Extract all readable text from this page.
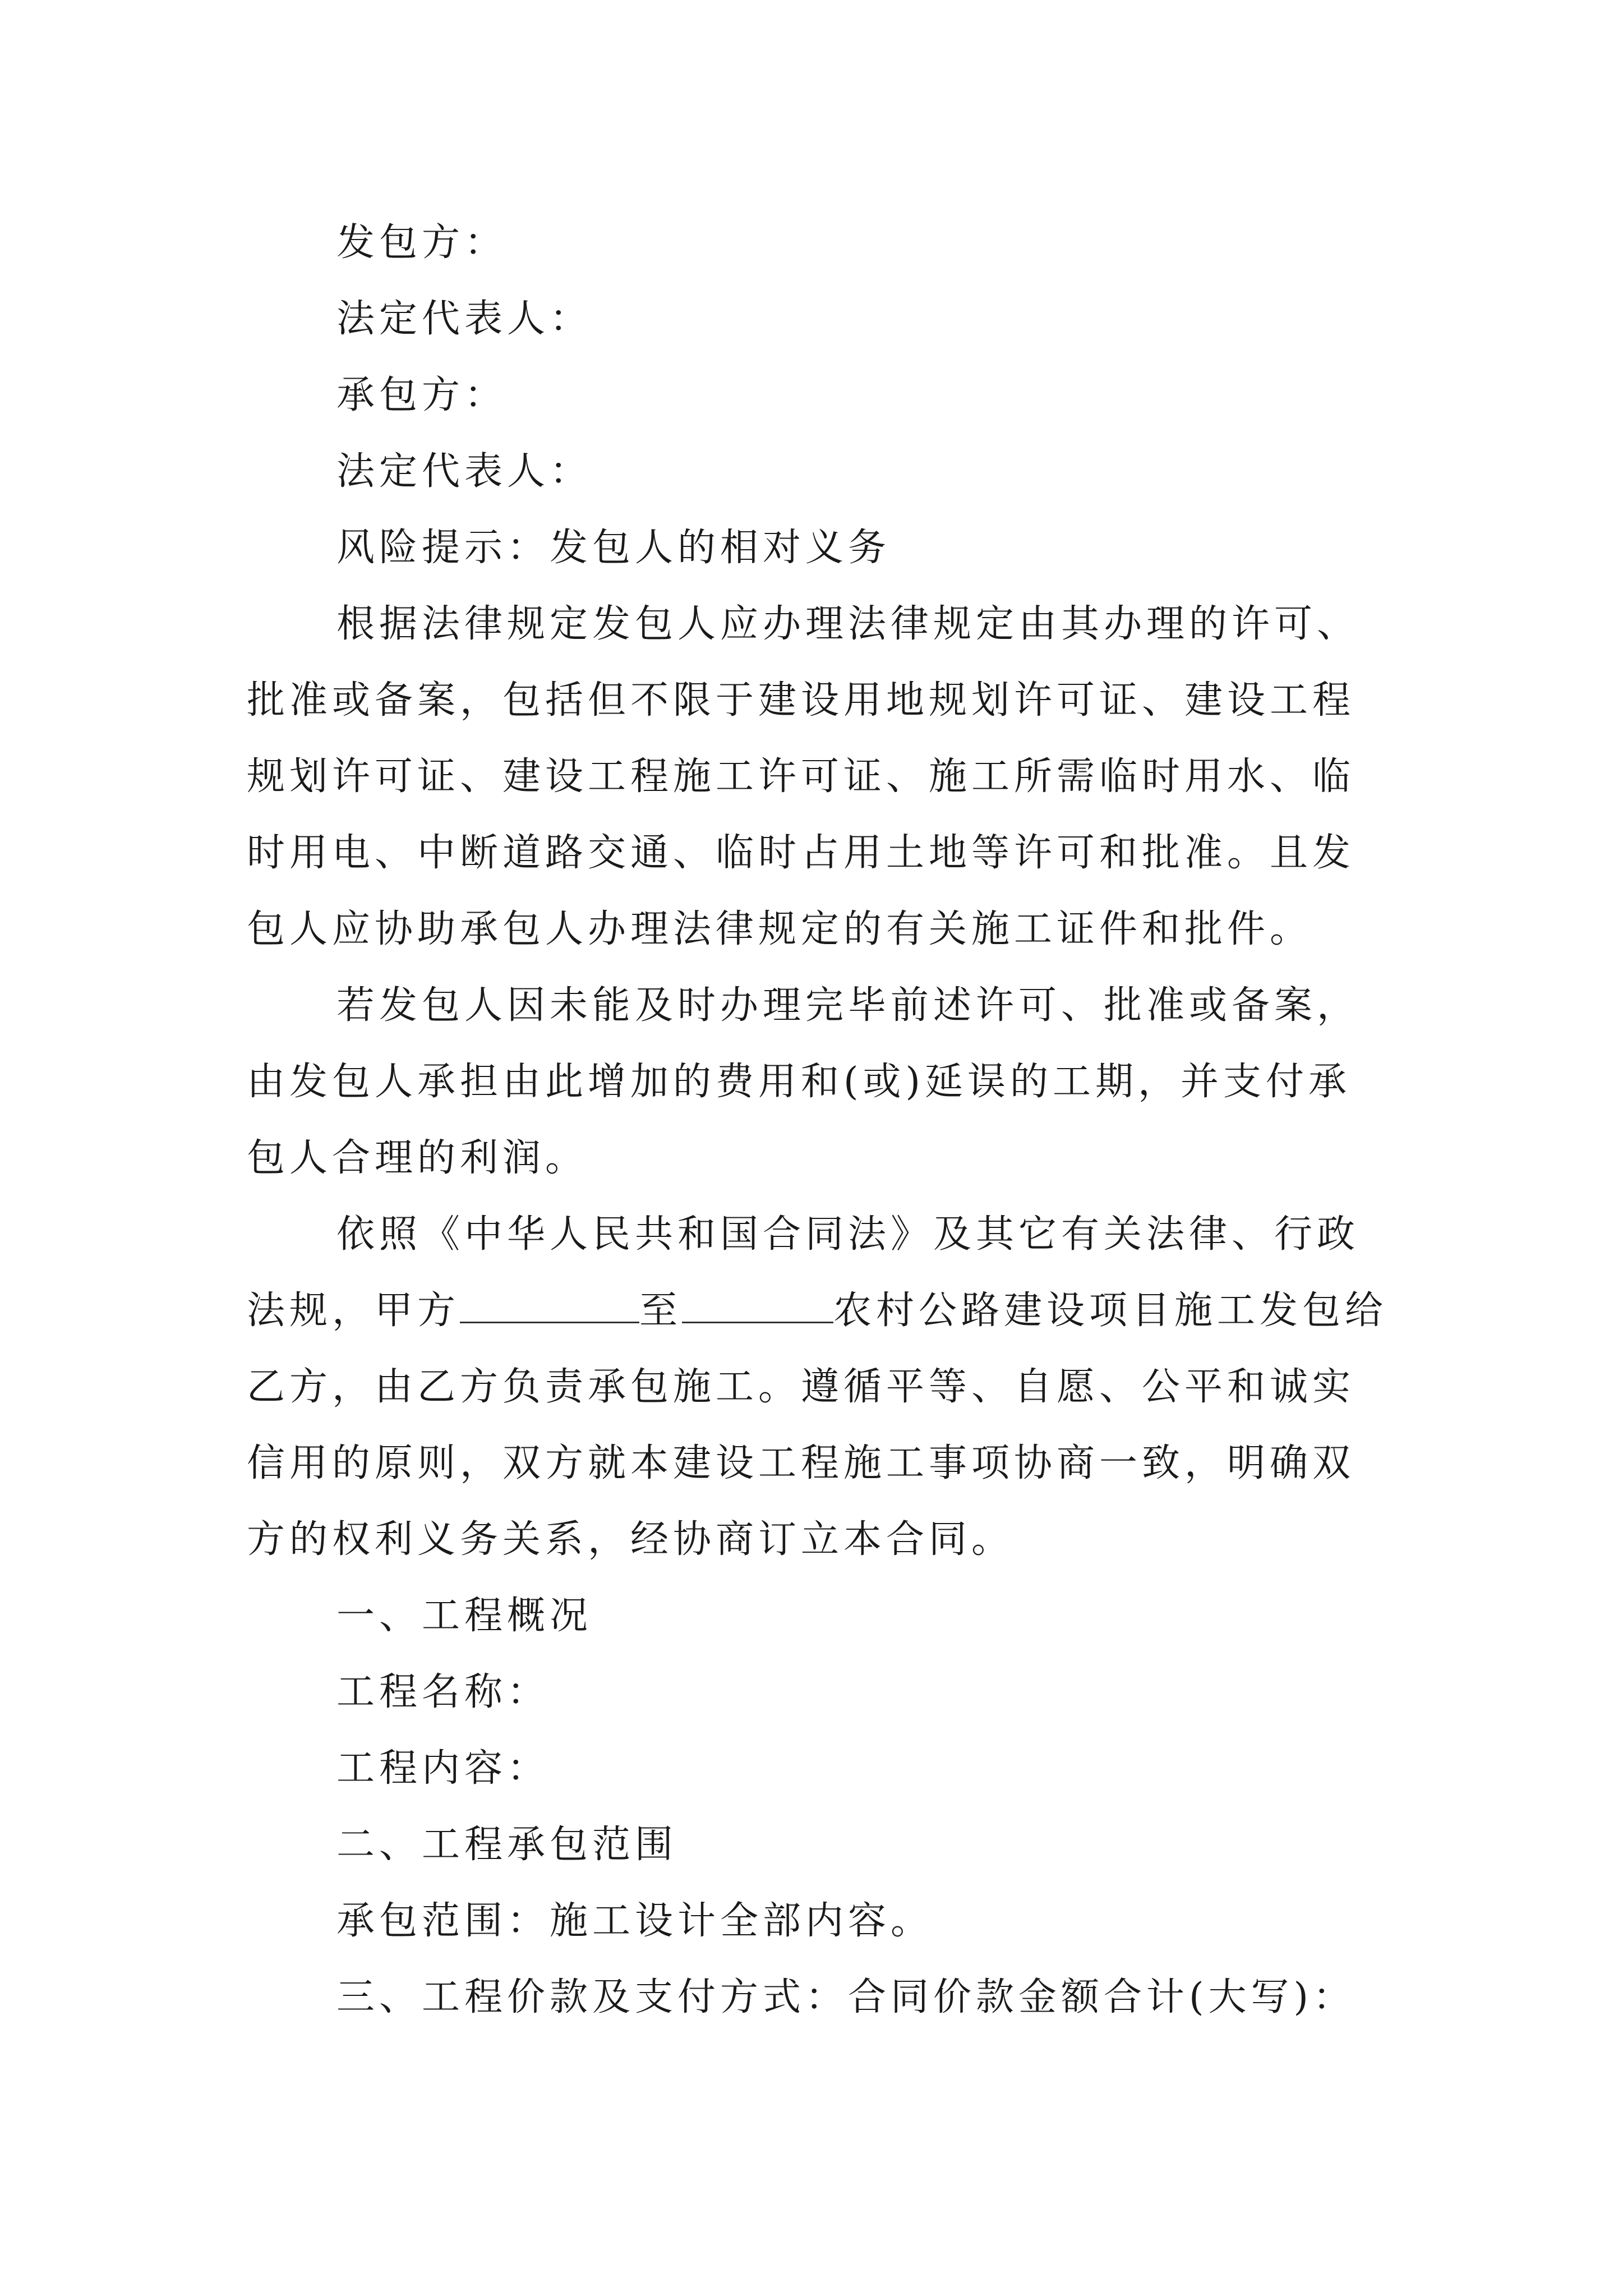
发包方：

法定代表人：

承包方：

法定代表人：

风险提示：发包人的相对义务

根据法律规定发包人应办理法律规定由其办理的许可、

批准或备案，包括但不限于建设用地规划许可证、建设工程

规划许可证、建设工程施工许可证、施工所需临时用水、临

时用电、中断道路交通、临时占用土地等许可和批准。且发

包人应协助承包人办理法律规定的有关施工证件和批件。

若发包人因未能及时办理完毕前述许可、批准或备案，

由发包人承担由此增加的费用和(或)延误的工期，并支付承

包人合理的利润。

依照《中华人民共和国合同法》及其它有关法律、行政

法规，甲方	至	农村公路建设项目施工发包给

乙方，由乙方负责承包施工。遵循平等、自愿、公平和诚实

信用的原则，双方就本建设工程施工事项协商一致，明确双

方的权利义务关系，经协商订立本合同。

一、工程概况

工程名称：

工程内容：

二、工程承包范围

承包范围：施工设计全部内容。

三、工程价款及支付方式：合同价款金额合计(大写)：
